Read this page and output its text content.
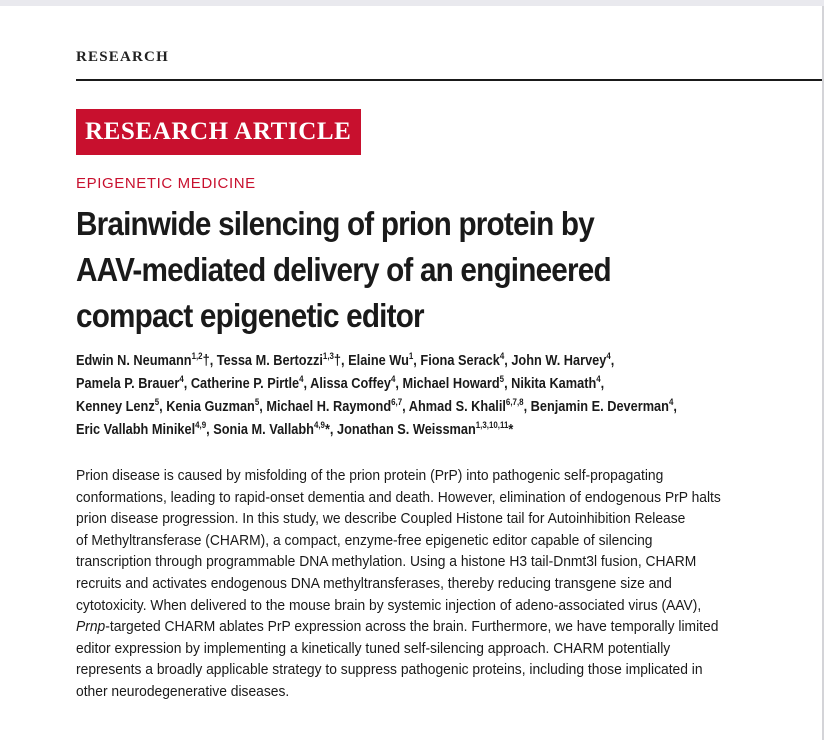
RESEARCH
RESEARCH ARTICLE
EPIGENETIC MEDICINE
Brainwide silencing of prion protein by
AAV-mediated delivery of an engineered
compact epigenetic editor
Edwin N. Neumann$^{1,2}$†, Tessa M. Bertozzi$^{1,3}$†, Elaine Wu$^1$, Fiona Serack$^4$, John W. Harvey$^4$,
Pamela P. Brauer$^4$, Catherine P. Pirtle$^4$, Alissa Coffey$^4$, Michael Howard$^5$, Nikita Kamath$^4$,
Kenney Lenz$^5$, Kenia Guzman$^5$, Michael H. Raymond$^{6,7}$, Ahmad S. Khalil$^{6,7,8}$, Benjamin E. Deverman$^4$,
Eric Vallabh Minikel$^{4,9}$, Sonia M. Vallabh$^{4,9}$*, Jonathan S. Weissman$^{1,3,10,11}$*
Prion disease is caused by misfolding of the prion protein (PrP) into pathogenic self-propagating
conformations, leading to rapid-onset dementia and death. However, elimination of endogenous PrP halts
prion disease progression. In this study, we describe Coupled Histone tail for Autoinhibition Release
of Methyltransferase (CHARM), a compact, enzyme-free epigenetic editor capable of silencing
transcription through programmable DNA methylation. Using a histone H3 tail-Dnmt3l fusion, CHARM
recruits and activates endogenous DNA methyltransferases, thereby reducing transgene size and
cytotoxicity. When delivered to the mouse brain by systemic injection of adeno-associated virus (AAV),
Prnp-targeted CHARM ablates PrP expression across the brain. Furthermore, we have temporally limited
editor expression by implementing a kinetically tuned self-silencing approach. CHARM potentially
represents a broadly applicable strategy to suppress pathogenic proteins, including those implicated in
other neurodegenerative diseases.
